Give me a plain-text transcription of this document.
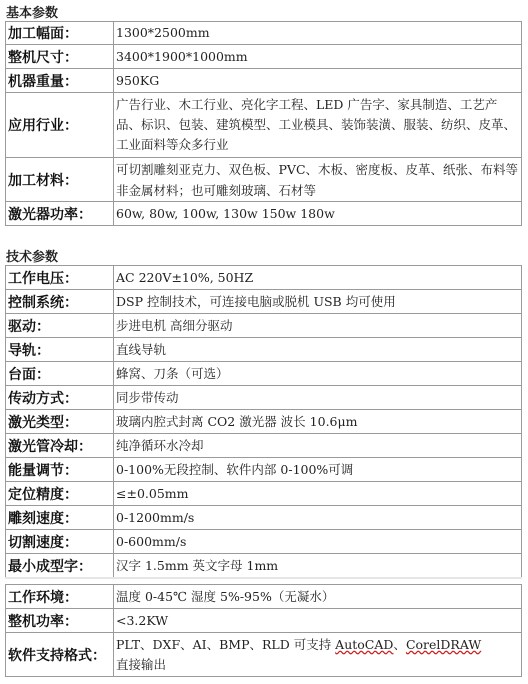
基本参数
加工幅面：	1300*2500mm
整机尺寸：	3400*1900*1000mm
机器重量：	950KG
应用行业：	广告行业、木工行业、亮化字工程、LED 广告字、家具制造、工艺产品、标识、包装、建筑模型、工业模具、装饰装潢、服装、纺织、皮革、工业面料等众多行业
加工材料：	可切割雕刻亚克力、双色板、PVC、木板、密度板、皮革、纸张、布料等非金属材料；也可雕刻玻璃、石材等
激光器功率：	60w, 80w, 100w, 130w 150w 180w
技术参数
工作电压：	AC 220V±10%, 50HZ
控制系统：	DSP 控制技术，可连接电脑或脱机 USB 均可使用
驱动：	步进电机 高细分驱动
导轨：	直线导轨
台面：	蜂窝、刀条（可选）
传动方式：	同步带传动
激光类型：	玻璃内腔式封离 CO2 激光器 波长 10.6μm
激光管冷却：	纯净循环水冷却
能量调节：	0-100%无段控制、软件内部 0-100%可调
定位精度：	≤±0.05mm
雕刻速度：	0-1200mm/s
切割速度：	0-600mm/s
最小成型字：	汉字 1.5mm 英文字母 1mm
工作环境：	温度 0-45℃ 湿度 5%-95%（无凝水）
整机功率：	<3.2KW
软件支持格式：	PLT、DXF、AI、BMP、RLD 可支持 AutoCAD、CorelDRAW
直接输出
